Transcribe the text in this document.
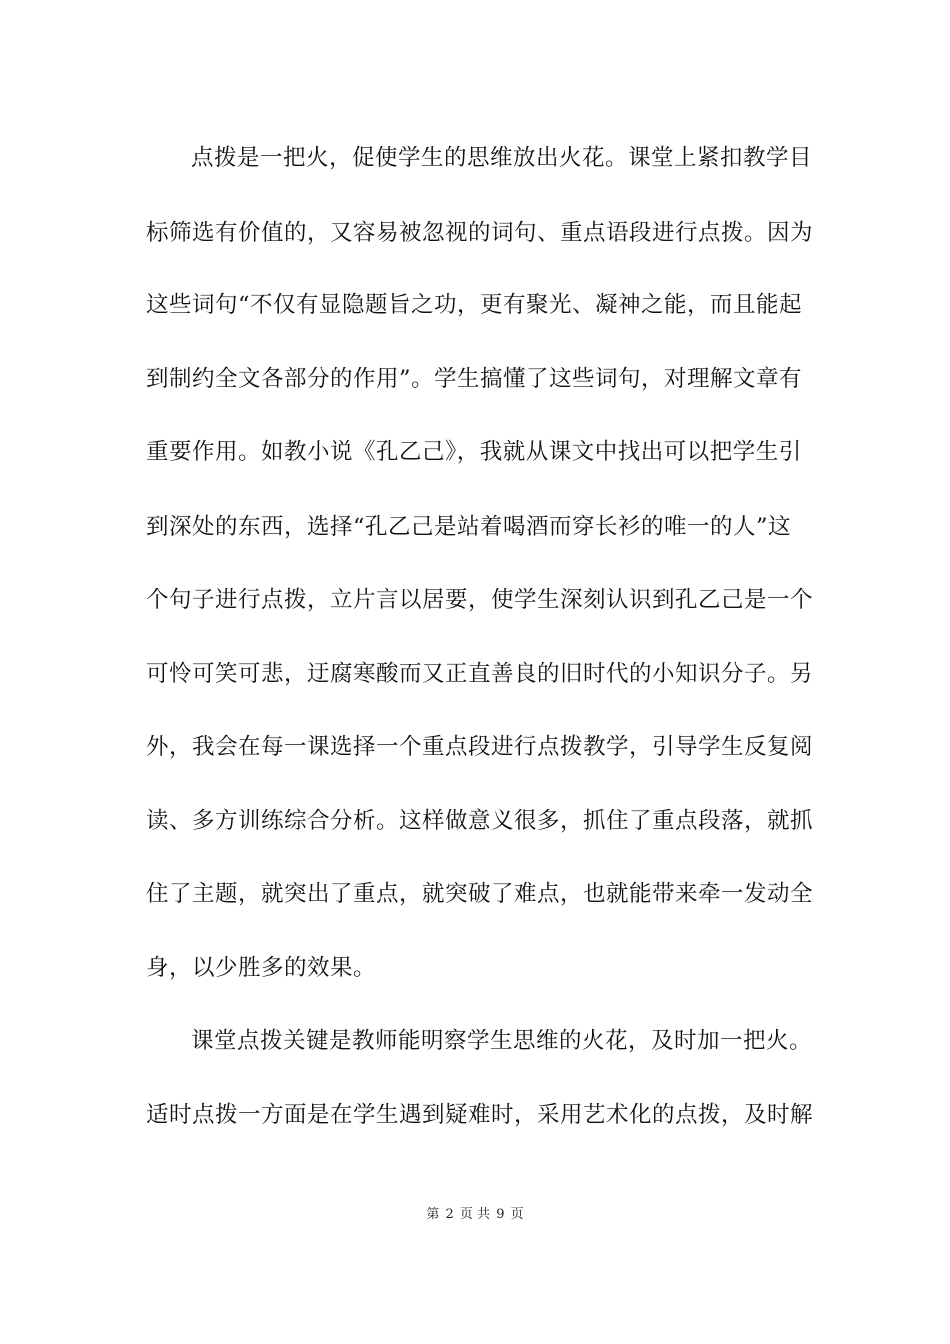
点拨是一把火，促使学生的思维放出火花。课堂上紧扣教学目
标筛选有价值的，又容易被忽视的词句、重点语段进行点拨。因为
这些词句“不仅有显隐题旨之功，更有聚光、凝神之能，而且能起
到制约全文各部分的作用”。学生搞懂了这些词句，对理解文章有
重要作用。如教小说《孔乙己》，我就从课文中找出可以把学生引
到深处的东西，选择“孔乙己是站着喝酒而穿长衫的唯一的人”这
个句子进行点拨，立片言以居要，使学生深刻认识到孔乙己是一个
可怜可笑可悲，迂腐寒酸而又正直善良的旧时代的小知识分子。另
外，我会在每一课选择一个重点段进行点拨教学，引导学生反复阅
读、多方训练综合分析。这样做意义很多，抓住了重点段落，就抓
住了主题，就突出了重点，就突破了难点，也就能带来牵一发动全
身，以少胜多的效果。
课堂点拨关键是教师能明察学生思维的火花，及时加一把火。
适时点拨一方面是在学生遇到疑难时，采用艺术化的点拨，及时解
第 2 页 共 9 页
